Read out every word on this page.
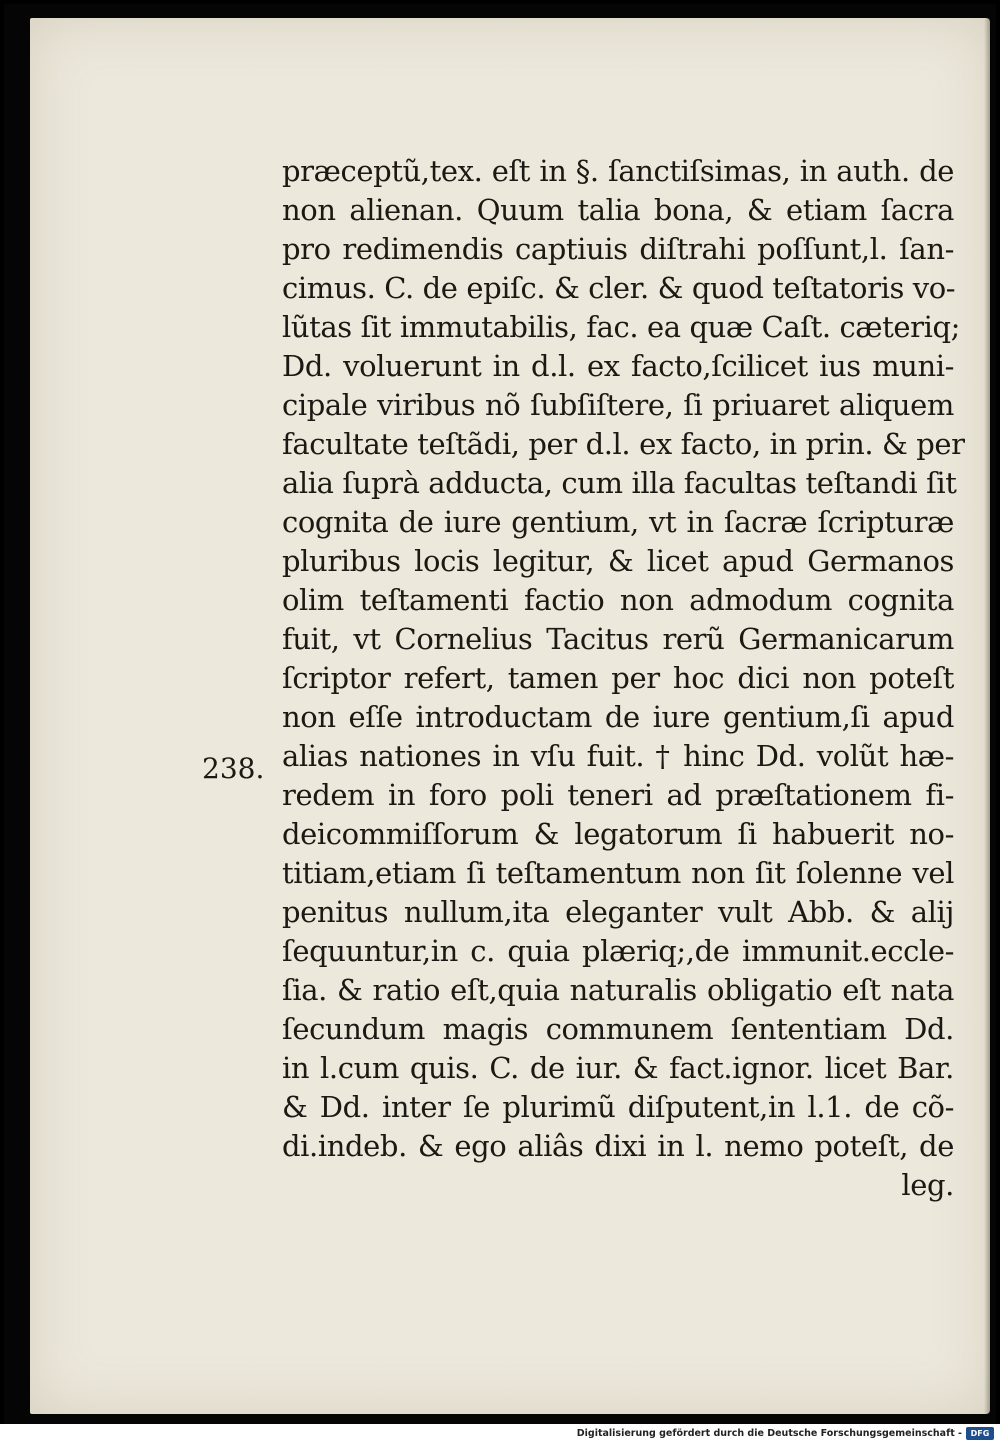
238.
præceptũ,tex. eſt in §. ſanctiſsimas, in auth. de
non alienan. Quum talia bona, & etiam ſacra
pro redimendis captiuis diſtrahi poſſunt,l. ſan-
cimus. C. de epiſc. & cler. & quod teſtatoris vo-
lũtas ſit immutabilis, fac. ea quæ Caſt. cæteriq;
Dd. voluerunt in d.l. ex facto,ſcilicet ius muni-
cipale viribus nõ ſubſiſtere, ſi priuaret aliquem
facultate teſtãdi, per d.l. ex facto, in prin. & per
alia ſuprà adducta, cum illa facultas teſtandi ſit
cognita de iure gentium, vt in ſacræ ſcripturæ
pluribus locis legitur, & licet apud Germanos
olim teſtamenti factio non admodum cognita
fuit, vt Cornelius Tacitus rerũ Germanicarum
ſcriptor refert, tamen per hoc dici non poteſt
non eſſe introductam de iure gentium,ſi apud
alias nationes in vſu fuit. † hinc Dd. volũt hæ-
redem in foro poli teneri ad præſtationem fi-
deicommiſſorum & legatorum ſi habuerit no-
titiam,etiam ſi teſtamentum non ſit ſolenne vel
penitus nullum,ita eleganter vult Abb. & alij
ſequuntur,in c. quia plæriq;,de immunit.eccle-
ſia. & ratio eſt,quia naturalis obligatio eſt nata
ſecundum magis communem ſententiam Dd.
in l.cum quis. C. de iur. & fact.ignor. licet Bar.
& Dd. inter ſe plurimũ diſputent,in l.1. de cõ-
di.indeb. & ego aliâs dixi in l. nemo poteſt, de
leg.
Digitalisierung gefördert durch die Deutsche Forschungsgemeinschaft -	DFG
